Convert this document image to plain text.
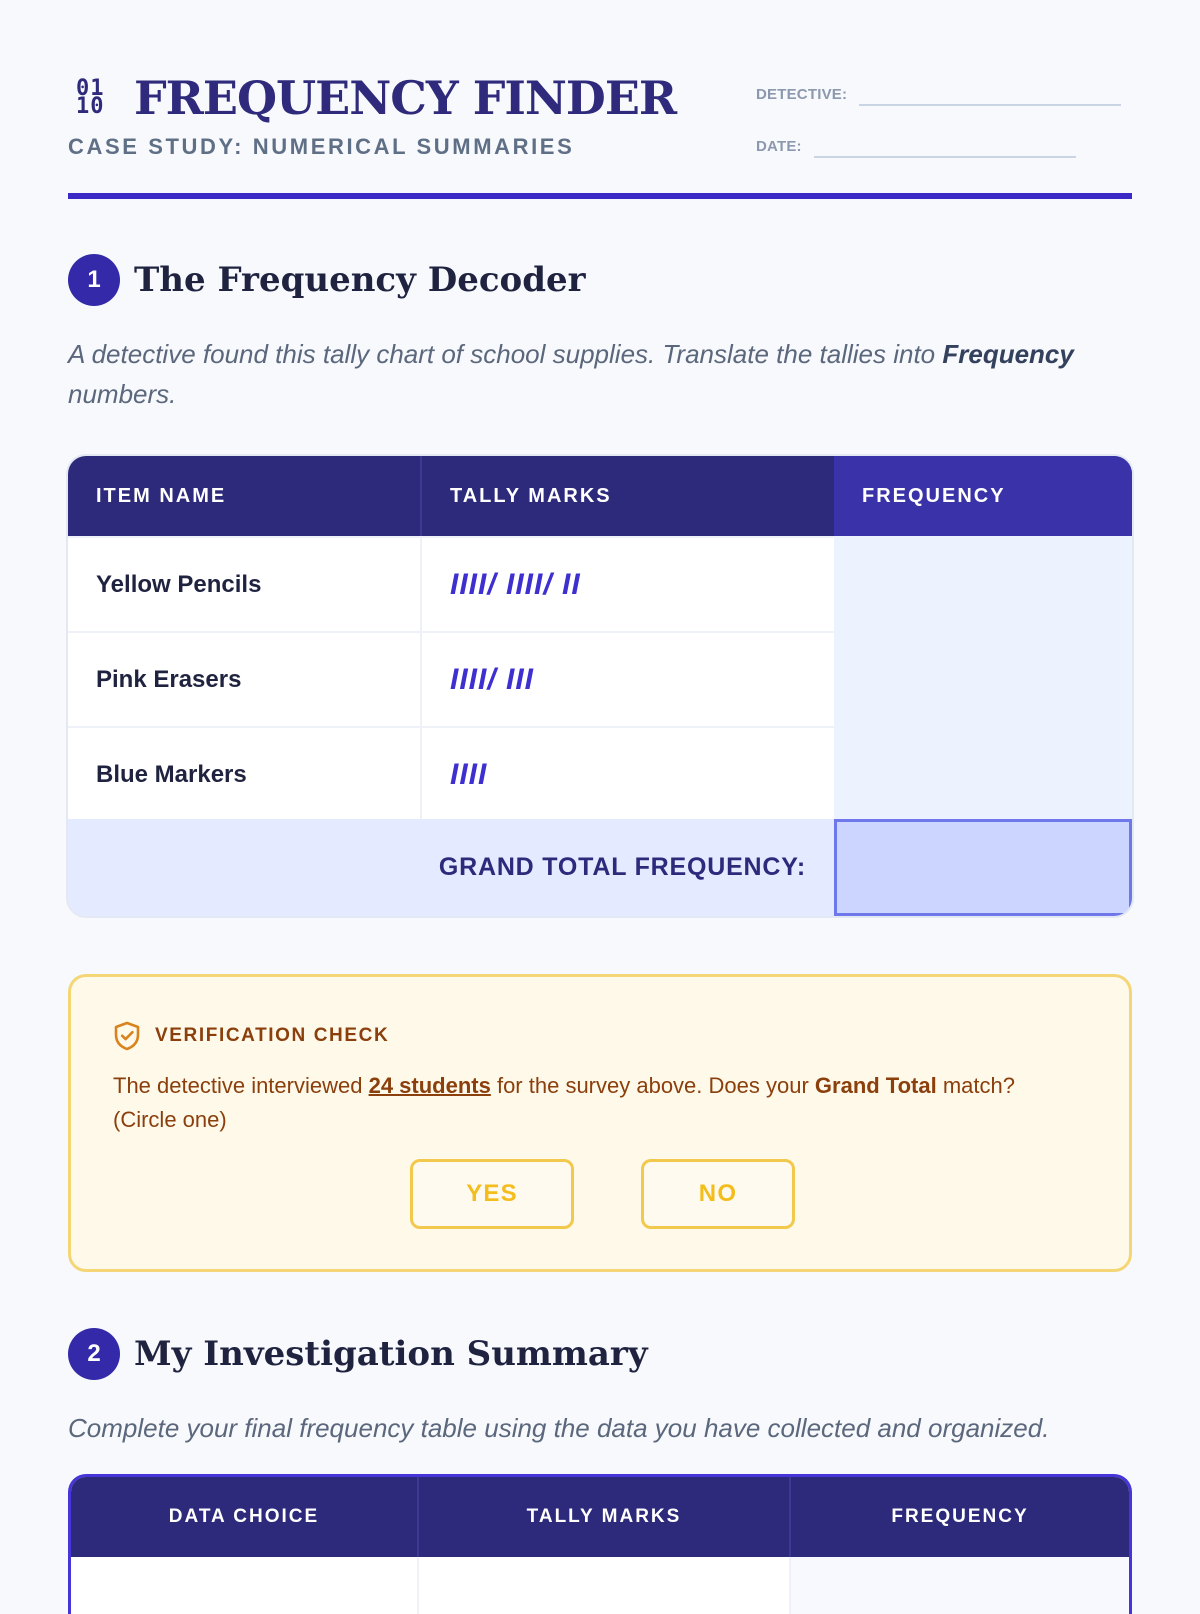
01
10 FREQUENCY FINDER
CASE STUDY: NUMERICAL SUMMARIES
DETECTIVE:
DATE:
1 The Frequency Decoder
A detective found this tally chart of school supplies. Translate the tallies into Frequency numbers.
ITEM NAME	TALLY MARKS	FREQUENCY
Yellow Pencils	IIII/ IIII/ II
Pink Erasers	IIII/ III
Blue Markers	IIII
GRAND TOTAL FREQUENCY:
VERIFICATION CHECK
The detective interviewed 24 students for the survey above. Does your Grand Total match? (Circle one)
YES	NO
2 My Investigation Summary
Complete your final frequency table using the data you have collected and organized.
DATA CHOICE	TALLY MARKS	FREQUENCY
